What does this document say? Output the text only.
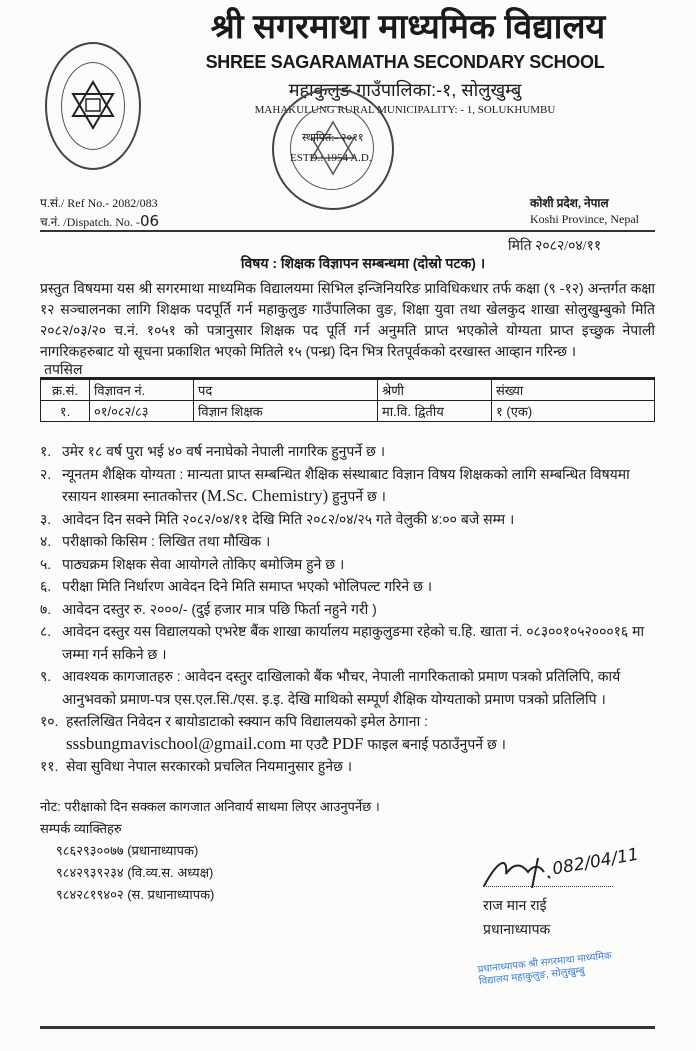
श्री सगरमाथा माध्यमिक विद्यालय
SHREE SAGARAMATHA SECONDARY SCHOOL
महाकुलुङ गाउँपालिका:-१, सोलुखुम्बु
MAHAKULUNG RURAL MUNICIPALITY: - 1, SOLUKHUMBU
स्थापित:- २०११
ESTD.: 1954 A.D.
प.सं./ Ref No.- 2082/083
च.नं. /Dispatch. No. -06
कोशी प्रदेश, नेपाल
Koshi Province, Nepal
मिति २०८२/०४/११
विषय : शिक्षक विज्ञापन सम्बन्धमा (दोस्रो पटक) ।
प्रस्तुत विषयमा यस श्री सगरमाथा माध्यमिक विद्यालयमा सिभिल इन्जिनियरिङ प्राविधिकधार तर्फ कक्षा (९ -१२) अन्तर्गत कक्षा १२ सञ्चालनका लागि शिक्षक पदपूर्ति गर्न महाकुलुङ गाउँपालिका वुङ, शिक्षा युवा तथा खेलकुद शाखा सोलुखुम्बुको मिति २०८२/०३/२० च.नं. १०५१ को पत्रानुसार शिक्षक पद पूर्ति गर्न अनुमति प्राप्त भएकोले योग्यता प्राप्त इच्छुक नेपाली नागरिकहरुबाट यो सूचना प्रकाशित भएको मितिले १५ (पन्ध्र) दिन भित्र रितपूर्वकको दरखास्त आव्हान गरिन्छ ।
तपसिल
क्र.सं.	विज्ञावन नं.	पद	श्रेणी	संख्या
१.	०१/०८२/८३	विज्ञान शिक्षक	मा.वि. द्वितीय	१ (एक)
१. उमेर १८ वर्ष पुरा भई ४० वर्ष ननाघेको नेपाली नागरिक हुनुपर्ने छ ।
२. न्यूनतम शैक्षिक योग्यता : मान्यता प्राप्त सम्बन्धित शैक्षिक संस्थाबाट विज्ञान विषय शिक्षकको लागि सम्बन्धित विषयमा रसायन शास्त्रमा स्नातकोत्तर (M.Sc. Chemistry) हुनुपर्ने छ ।
३. आवेदन दिन सक्ने मिति २०८२/०४/११ देखि मिति २०८२/०४/२५ गते वेलुकी ४:०० बजे सम्म ।
४. परीक्षाको किसिम : लिखित तथा मौखिक ।
५. पाठ्यक्रम शिक्षक सेवा आयोगले तोकिए बमोजिम हुने छ ।
६. परीक्षा मिति निर्धारण आवेदन दिने मिति समाप्त भएको भोलिपल्ट गरिने छ ।
७. आवेदन दस्तुर रु. २०००/- (दुई हजार मात्र पछि फिर्ता नहुने गरी )
८. आवेदन दस्तुर यस विद्यालयको एभरेष्ट बैंक शाखा कार्यालय महाकुलुङमा रहेको च.हि. खाता नं. ०८३००१०५२०००१६ मा जम्मा गर्न सकिने छ ।
९. आवश्यक कागजातहरु : आवेदन दस्तुर दाखिलाको बैंक भौचर, नेपाली नागरिकताको प्रमाण पत्रको प्रतिलिपि, कार्य आनुभवको प्रमाण-पत्र एस.एल.सि./एस. इ.इ. देखि माथिको सम्पूर्ण शैक्षिक योग्यताको प्रमाण पत्रको प्रतिलिपि ।
१०. हस्तलिखित निवेदन र बायोडाटाको स्क्यान कपि विद्यालयको इमेल ठेगाना :
sssbungmavischool@gmail.com मा एउटै PDF फाइल बनाई पठाउँनुपर्ने छ ।
११. सेवा सुविधा नेपाल सरकारको प्रचलित नियमानुसार हुनेछ ।
नोट: परीक्षाको दिन सक्कल कागजात अनिवार्य साथमा लिएर आउनुपर्नेछ ।
सम्पर्क व्याक्तिहरु
९८६२९३००७७ (प्रधानाध्यापक)
९८४२९३९२३४ (वि.व्य.स. अध्यक्ष)
९८४२८१९४०२ (स. प्रधानाध्यापक)
082/04/11
राज मान राई
प्रधानाध्यापक
प्रधानाध्यापक श्री सगरमाथा माध्यमिक विद्यालय महाकुलुङ, सोलुखुम्बु
